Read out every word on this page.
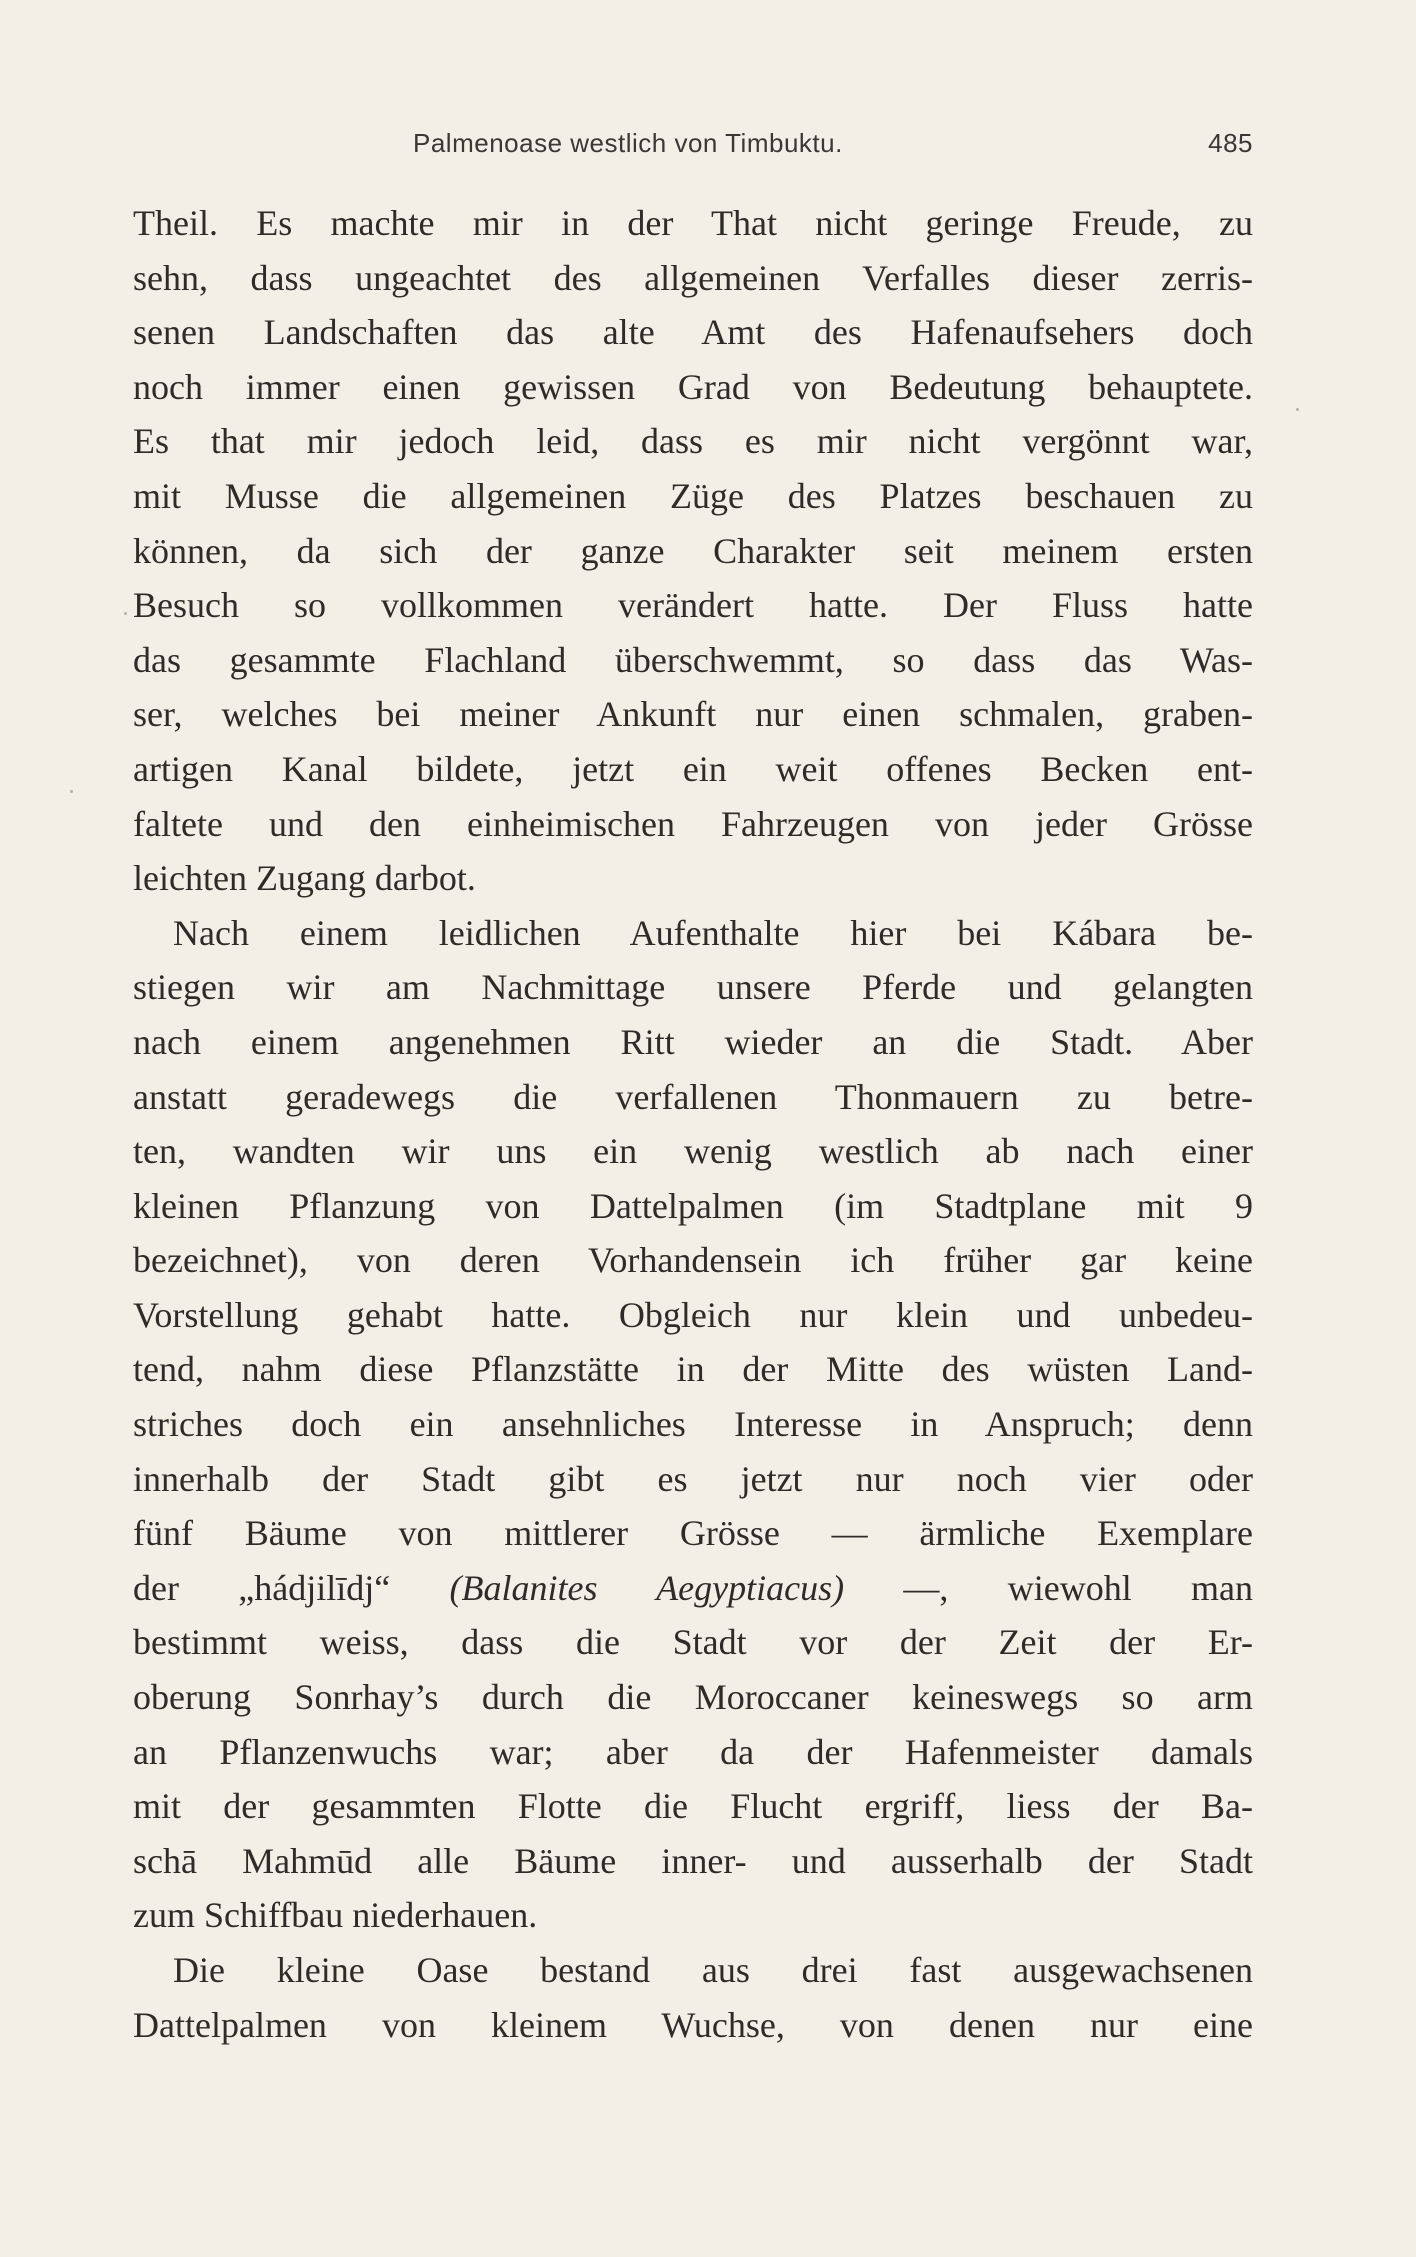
Palmenoase westlich von Timbuktu.	485
Theil. Es machte mir in der That nicht geringe Freude, zu
sehn, dass ungeachtet des allgemeinen Verfalles dieser zerris-
senen Landschaften das alte Amt des Hafenaufsehers doch
noch immer einen gewissen Grad von Bedeutung behauptete.
Es that mir jedoch leid, dass es mir nicht vergönnt war,
mit Musse die allgemeinen Züge des Platzes beschauen zu
können, da sich der ganze Charakter seit meinem ersten
Besuch so vollkommen verändert hatte. Der Fluss hatte
das gesammte Flachland überschwemmt, so dass das Was-
ser, welches bei meiner Ankunft nur einen schmalen, graben-
artigen Kanal bildete, jetzt ein weit offenes Becken ent-
faltete und den einheimischen Fahrzeugen von jeder Grösse
leichten Zugang darbot.
Nach einem leidlichen Aufenthalte hier bei Kábara be-
stiegen wir am Nachmittage unsere Pferde und gelangten
nach einem angenehmen Ritt wieder an die Stadt. Aber
anstatt geradewegs die verfallenen Thonmauern zu betre-
ten, wandten wir uns ein wenig westlich ab nach einer
kleinen Pflanzung von Dattelpalmen (im Stadtplane mit 9
bezeichnet), von deren Vorhandensein ich früher gar keine
Vorstellung gehabt hatte. Obgleich nur klein und unbedeu-
tend, nahm diese Pflanzstätte in der Mitte des wüsten Land-
striches doch ein ansehnliches Interesse in Anspruch; denn
innerhalb der Stadt gibt es jetzt nur noch vier oder
fünf Bäume von mittlerer Grösse — ärmliche Exemplare
der „hádjilīdj“ (Balanites Aegyptiacus) —, wiewohl man
bestimmt weiss, dass die Stadt vor der Zeit der Er-
oberung Sonrhay’s durch die Moroccaner keineswegs so arm
an Pflanzenwuchs war; aber da der Hafenmeister damals
mit der gesammten Flotte die Flucht ergriff, liess der Ba-
schā Mahmūd alle Bäume inner- und ausserhalb der Stadt
zum Schiffbau niederhauen.
Die kleine Oase bestand aus drei fast ausgewachsenen
Dattelpalmen von kleinem Wuchse, von denen nur eine
